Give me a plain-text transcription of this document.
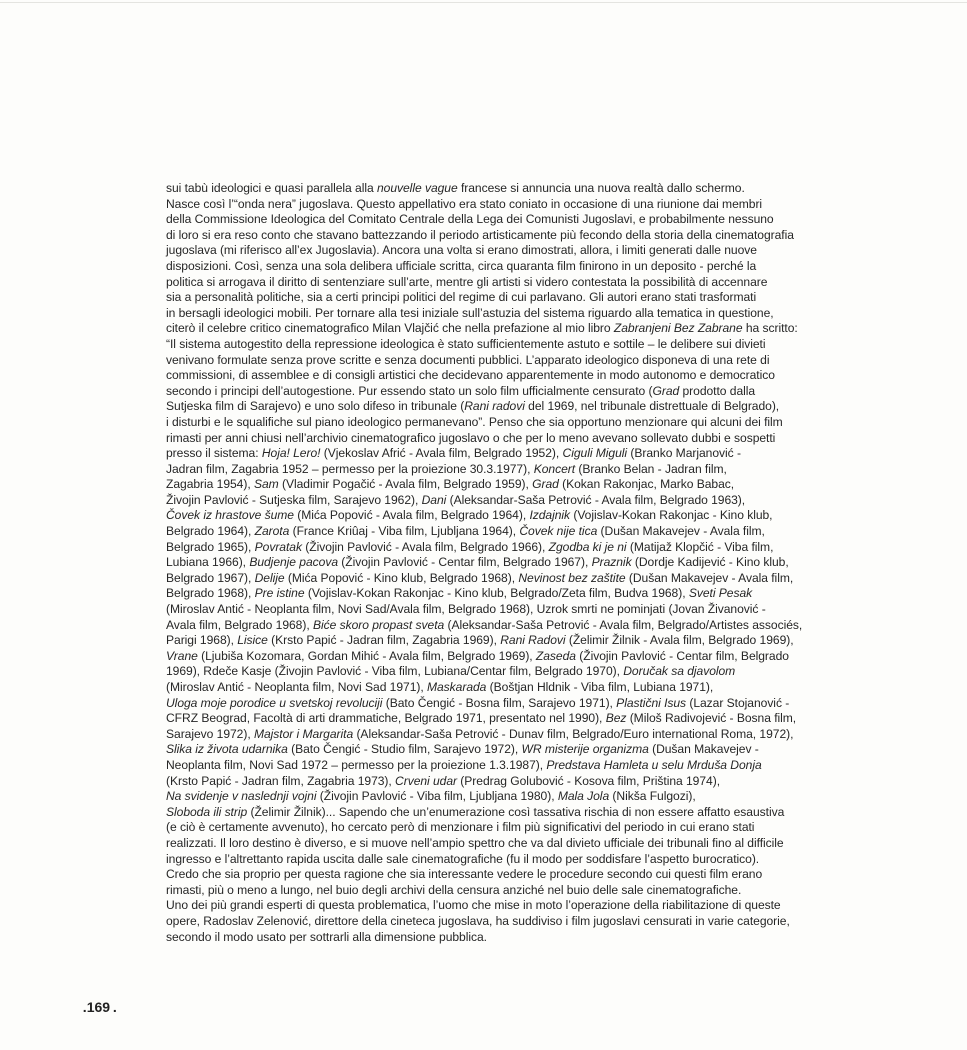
sui tabù ideologici e quasi parallela alla nouvelle vague francese si annuncia una nuova realtà dallo schermo.
Nasce così l’“onda nera” jugoslava. Questo appellativo era stato coniato in occasione di una riunione dai membri
della Commissione Ideologica del Comitato Centrale della Lega dei Comunisti Jugoslavi, e probabilmente nessuno
di loro si era reso conto che stavano battezzando il periodo artisticamente più fecondo della storia della cinematografia
jugoslava (mi riferisco all’ex Jugoslavia). Ancora una volta si erano dimostrati, allora, i limiti generati dalle nuove
disposizioni. Così, senza una sola delibera ufficiale scritta, circa quaranta film finirono in un deposito - perché la
politica si arrogava il diritto di sentenziare sull’arte, mentre gli artisti si videro contestata la possibilità di accennare
sia a personalità politiche, sia a certi principi politici del regime di cui parlavano. Gli autori erano stati trasformati
in bersagli ideologici mobili. Per tornare alla tesi iniziale sull’astuzia del sistema riguardo alla tematica in questione,
citerò il celebre critico cinematografico Milan Vlajčić che nella prefazione al mio libro Zabranjeni Bez Zabrane ha scritto:
“Il sistema autogestito della repressione ideologica è stato sufficientemente astuto e sottile – le delibere sui divieti
venivano formulate senza prove scritte e senza documenti pubblici. L’apparato ideologico disponeva di una rete di
commissioni, di assemblee e di consigli artistici che decidevano apparentemente in modo autonomo e democratico
secondo i principi dell’autogestione. Pur essendo stato un solo film ufficialmente censurato (Grad prodotto dalla
Sutjeska film di Sarajevo) e uno solo difeso in tribunale (Rani radovi del 1969, nel tribunale distrettuale di Belgrado),
i disturbi e le squalifiche sul piano ideologico permanevano”. Penso che sia opportuno menzionare qui alcuni dei film
rimasti per anni chiusi nell’archivio cinematografico jugoslavo o che per lo meno avevano sollevato dubbi e sospetti
presso il sistema: Hoja! Lero! (Vjekoslav Afrić - Avala film, Belgrado 1952), Ciguli Miguli (Branko Marjanović -
Jadran film, Zagabria 1952 – permesso per la proiezione 30.3.1977), Koncert (Branko Belan - Jadran film,
Zagabria 1954), Sam (Vladimir Pogačić - Avala film, Belgrado 1959), Grad (Kokan Rakonjac, Marko Babac,
Živojin Pavlović - Sutjeska film, Sarajevo 1962), Dani (Aleksandar-Saša Petrović - Avala film, Belgrado 1963),
Čovek iz hrastove šume (Mića Popović - Avala film, Belgrado 1964), Izdajnik (Vojislav-Kokan Rakonjac - Kino klub,
Belgrado 1964), Zarota (France Kriûaj - Viba film, Ljubljana 1964), Čovek nije tica (Dušan Makavejev - Avala film,
Belgrado 1965), Povratak (Živojin Pavlović - Avala film, Belgrado 1966), Zgodba ki je ni (Matijaž Klopčić - Viba film,
Lubiana 1966), Budjenje pacova (Živojin Pavlović - Centar film, Belgrado 1967), Praznik (Dordje Kadijević - Kino klub,
Belgrado 1967), Delije (Mića Popović - Kino klub, Belgrado 1968), Nevinost bez zaštite (Dušan Makavejev - Avala film,
Belgrado 1968), Pre istine (Vojislav-Kokan Rakonjac - Kino klub, Belgrado/Zeta film, Budva 1968), Sveti Pesak
(Miroslav Antić - Neoplanta film, Novi Sad/Avala film, Belgrado 1968), Uzrok smrti ne pominjati (Jovan Živanović -
Avala film, Belgrado 1968), Biće skoro propast sveta (Aleksandar-Saša Petrović - Avala film, Belgrado/Artistes associés,
Parigi 1968), Lisice (Krsto Papić - Jadran film, Zagabria 1969), Rani Radovi (Želimir Žilnik - Avala film, Belgrado 1969),
Vrane (Ljubiša Kozomara, Gordan Mihić - Avala film, Belgrado 1969), Zaseda (Živojin Pavlović - Centar film, Belgrado
1969), Rdeče Kasje (Živojin Pavlović - Viba film, Lubiana/Centar film, Belgrado 1970), Doručak sa djavolom
(Miroslav Antić - Neoplanta film, Novi Sad 1971), Maskarada (Boštjan Hldnik - Viba film, Lubiana 1971),
Uloga moje porodice u svetskoj revoluciji (Bato Čengić - Bosna film, Sarajevo 1971), Plastični Isus (Lazar Stojanović -
CFRZ Beograd, Facoltà di arti drammatiche, Belgrado 1971, presentato nel 1990), Bez (Miloš Radivojević - Bosna film,
Sarajevo 1972), Majstor i Margarita (Aleksandar-Saša Petrović - Dunav film, Belgrado/Euro international Roma, 1972),
Slika iz života udarnika (Bato Čengić - Studio film, Sarajevo 1972), WR misterije organizma (Dušan Makavejev -
Neoplanta film, Novi Sad 1972 – permesso per la proiezione 1.3.1987), Predstava Hamleta u selu Mrduša Donja
(Krsto Papić - Jadran film, Zagabria 1973), Crveni udar (Predrag Golubović - Kosova film, Priština 1974),
Na svidenje v naslednji vojni (Živojin Pavlović - Viba film, Ljubljana 1980), Mala Jola (Nikša Fulgozi),
Sloboda ili strip (Želimir Žilnik)... Sapendo che un’enumerazione così tassativa rischia di non essere affatto esaustiva
(e ciò è certamente avvenuto), ho cercato però di menzionare i film più significativi del periodo in cui erano stati
realizzati. Il loro destino è diverso, e si muove nell’ampio spettro che va dal divieto ufficiale dei tribunali fino al difficile
ingresso e l’altrettanto rapida uscita dalle sale cinematografiche (fu il modo per soddisfare l’aspetto burocratico).
Credo che sia proprio per questa ragione che sia interessante vedere le procedure secondo cui questi film erano
rimasti, più o meno a lungo, nel buio degli archivi della censura anziché nel buio delle sale cinematografiche.
Uno dei più grandi esperti di questa problematica, l’uomo che mise in moto l’operazione della riabilitazione di queste
opere, Radoslav Zelenović, direttore della cineteca jugoslava, ha suddiviso i film jugoslavi censurati in varie categorie,
secondo il modo usato per sottrarli alla dimensione pubblica.
 .169 .
